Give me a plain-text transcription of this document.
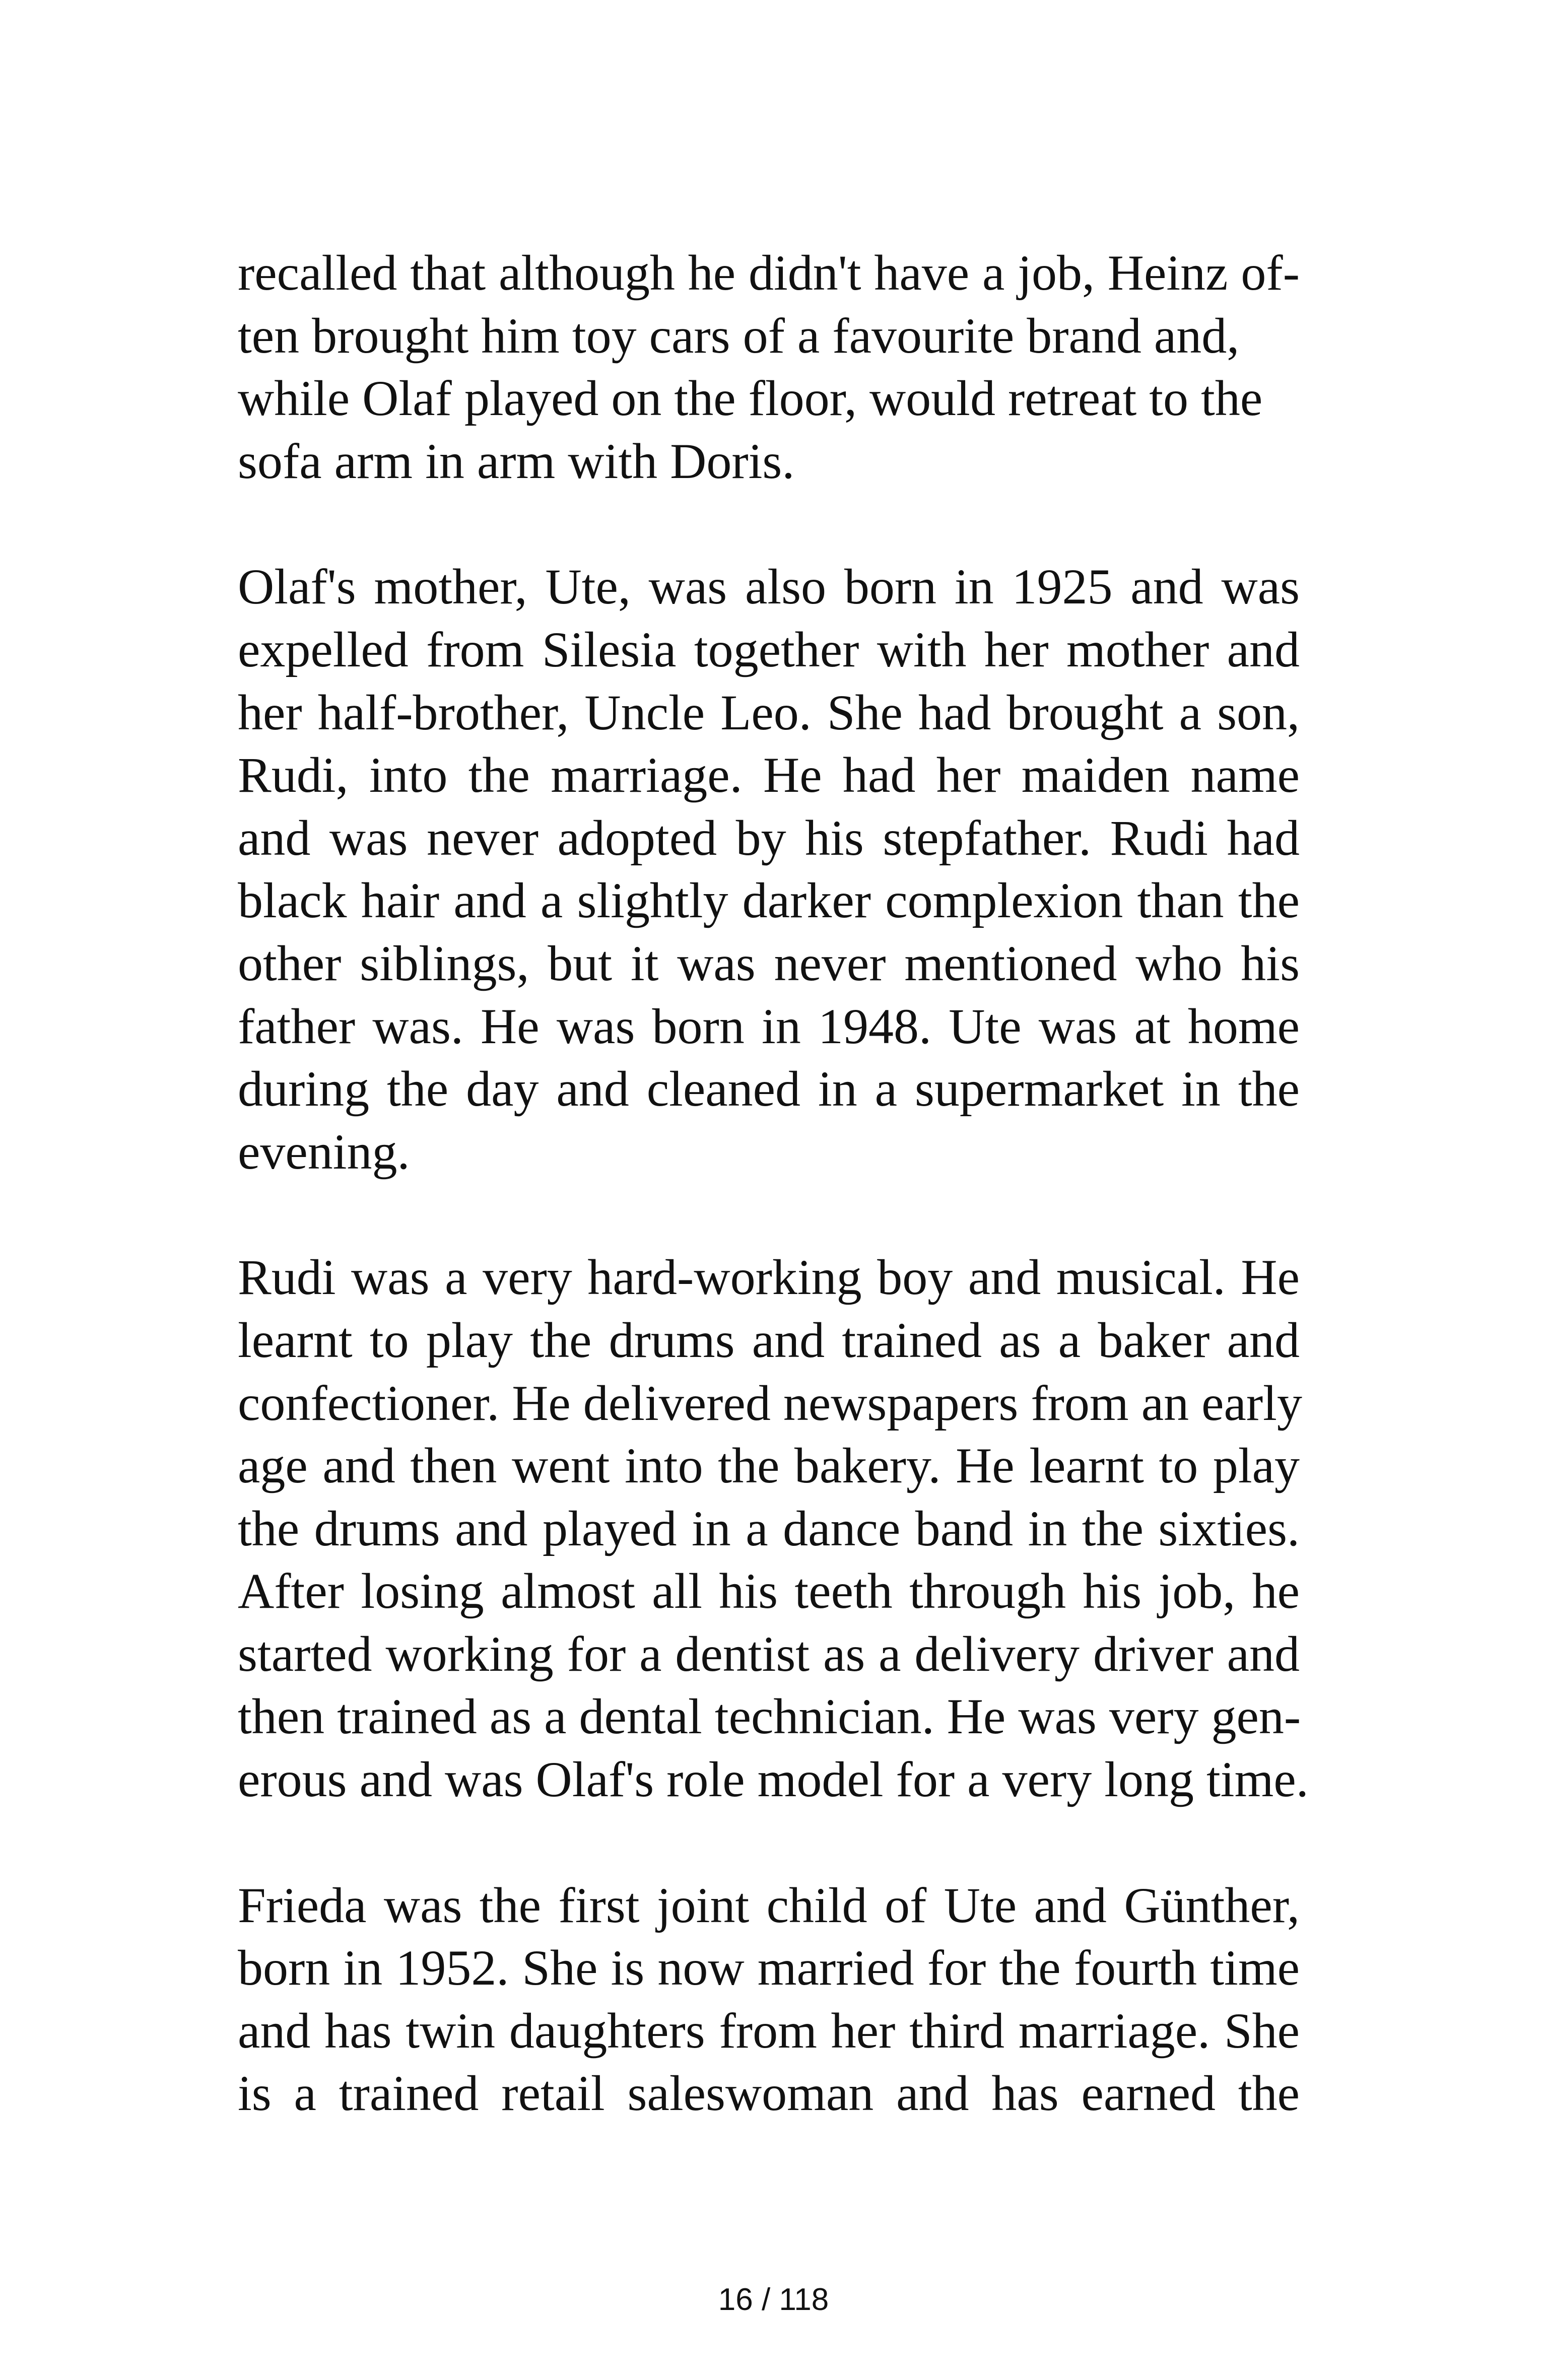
recalled that although he didn't have a job, Heinz of-
ten brought him toy cars of a favourite brand and,
while Olaf played on the floor, would retreat to the
sofa arm in arm with Doris.
Olaf's mother, Ute, was also born in 1925 and was
expelled from Silesia together with her mother and
her half-brother, Uncle Leo. She had brought a son,
Rudi, into the marriage. He had her maiden name
and was never adopted by his stepfather. Rudi had
black hair and a slightly darker complexion than the
other siblings, but it was never mentioned who his
father was. He was born in 1948. Ute was at home
during the day and cleaned in a supermarket in the
evening.
Rudi was a very hard-working boy and musical. He
learnt to play the drums and trained as a baker and
confectioner. He delivered newspapers from an early
age and then went into the bakery. He learnt to play
the drums and played in a dance band in the sixties.
After losing almost all his teeth through his job, he
started working for a dentist as a delivery driver and
then trained as a dental technician. He was very gen-
erous and was Olaf's role model for a very long time.
Frieda was the first joint child of Ute and Günther,
born in 1952. She is now married for the fourth time
and has twin daughters from her third marriage. She
is a trained retail saleswoman and has earned the
16 / 118
